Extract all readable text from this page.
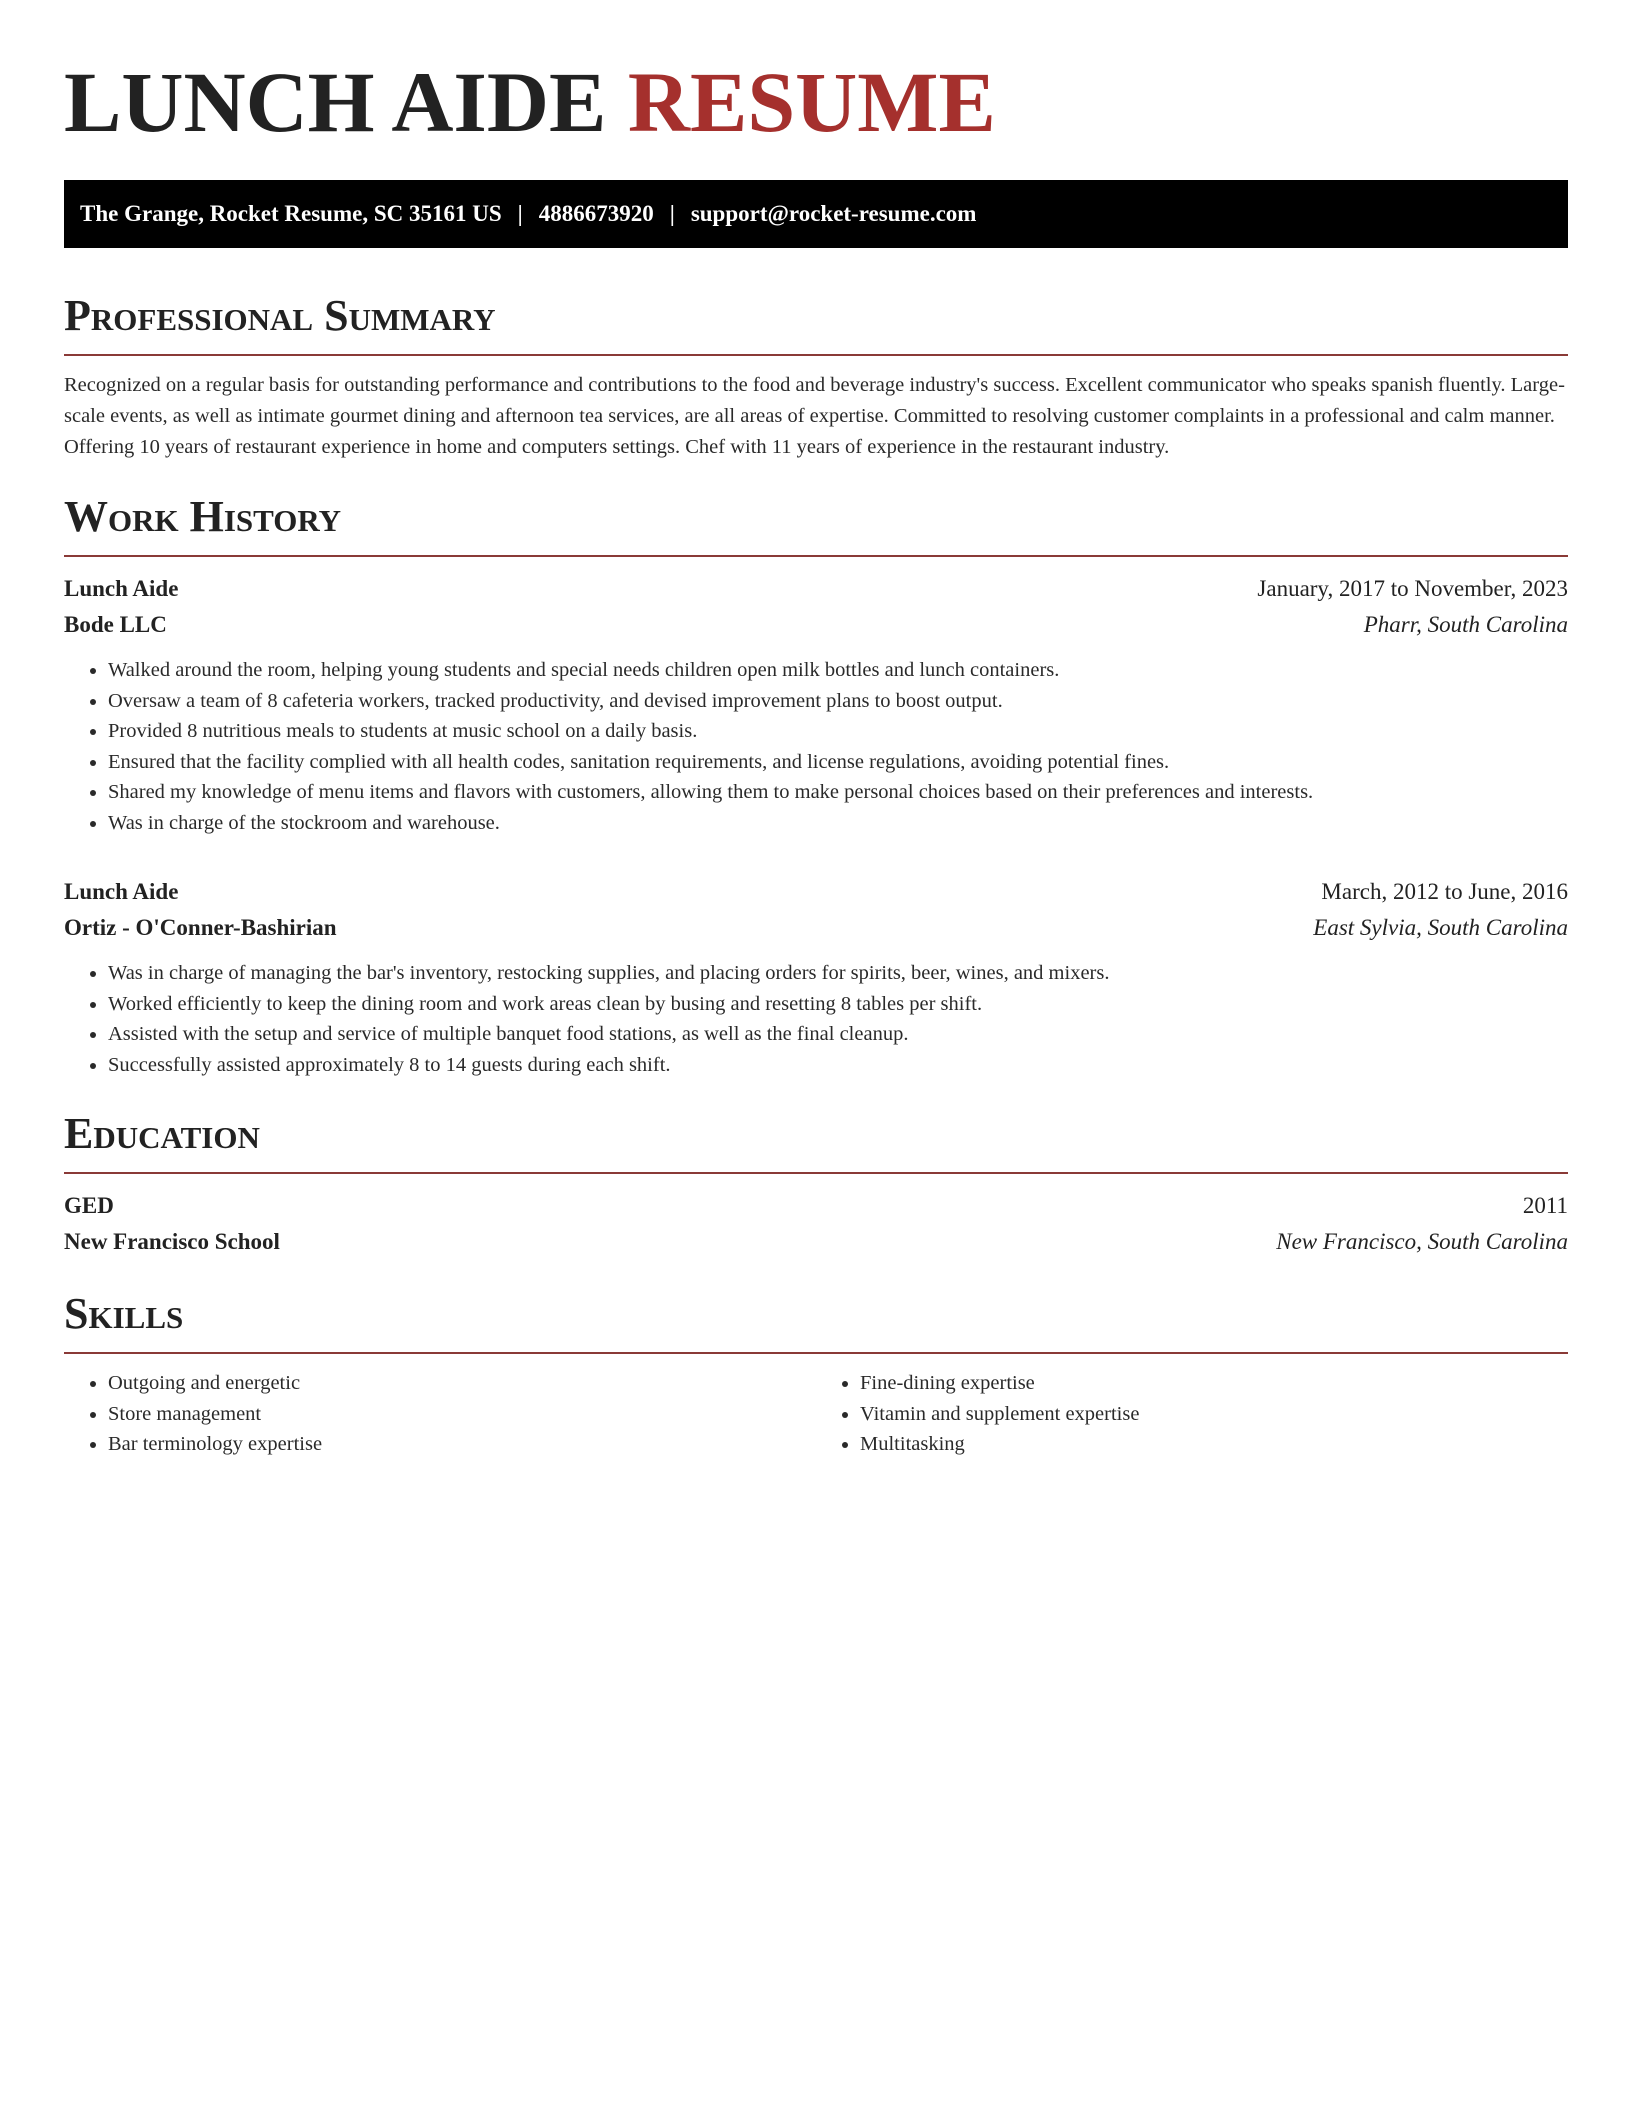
LUNCH AIDE RESUME
The Grange, Rocket Resume, SC 35161 US | 4886673920 | support@rocket-resume.com
Professional Summary

Recognized on a regular basis for outstanding performance and contributions to the food and beverage industry's success. Excellent communicator who speaks spanish fluently. Large-scale events, as well as intimate gourmet dining and afternoon tea services, are all areas of expertise. Committed to resolving customer complaints in a professional and calm manner. Offering 10 years of restaurant experience in home and computers settings. Chef with 11 years of experience in the restaurant industry.

Work History
Lunch Aide	January, 2017 to November, 2023
Bode LLC	Pharr, South Carolina
• Walked around the room, helping young students and special needs children open milk bottles and lunch containers.
• Oversaw a team of 8 cafeteria workers, tracked productivity, and devised improvement plans to boost output.
• Provided 8 nutritious meals to students at music school on a daily basis.
• Ensured that the facility complied with all health codes, sanitation requirements, and license regulations, avoiding potential fines.
• Shared my knowledge of menu items and flavors with customers, allowing them to make personal choices based on their preferences and interests.
• Was in charge of the stockroom and warehouse.
Lunch Aide	March, 2012 to June, 2016
Ortiz - O'Conner-Bashirian	East Sylvia, South Carolina
• Was in charge of managing the bar's inventory, restocking supplies, and placing orders for spirits, beer, wines, and mixers.
• Worked efficiently to keep the dining room and work areas clean by busing and resetting 8 tables per shift.
• Assisted with the setup and service of multiple banquet food stations, as well as the final cleanup.
• Successfully assisted approximately 8 to 14 guests during each shift.
Education
GED	2011
New Francisco School	New Francisco, South Carolina
Skills
• Outgoing and energetic
• Store management
• Bar terminology expertise
• Fine-dining expertise
• Vitamin and supplement expertise
• Multitasking
